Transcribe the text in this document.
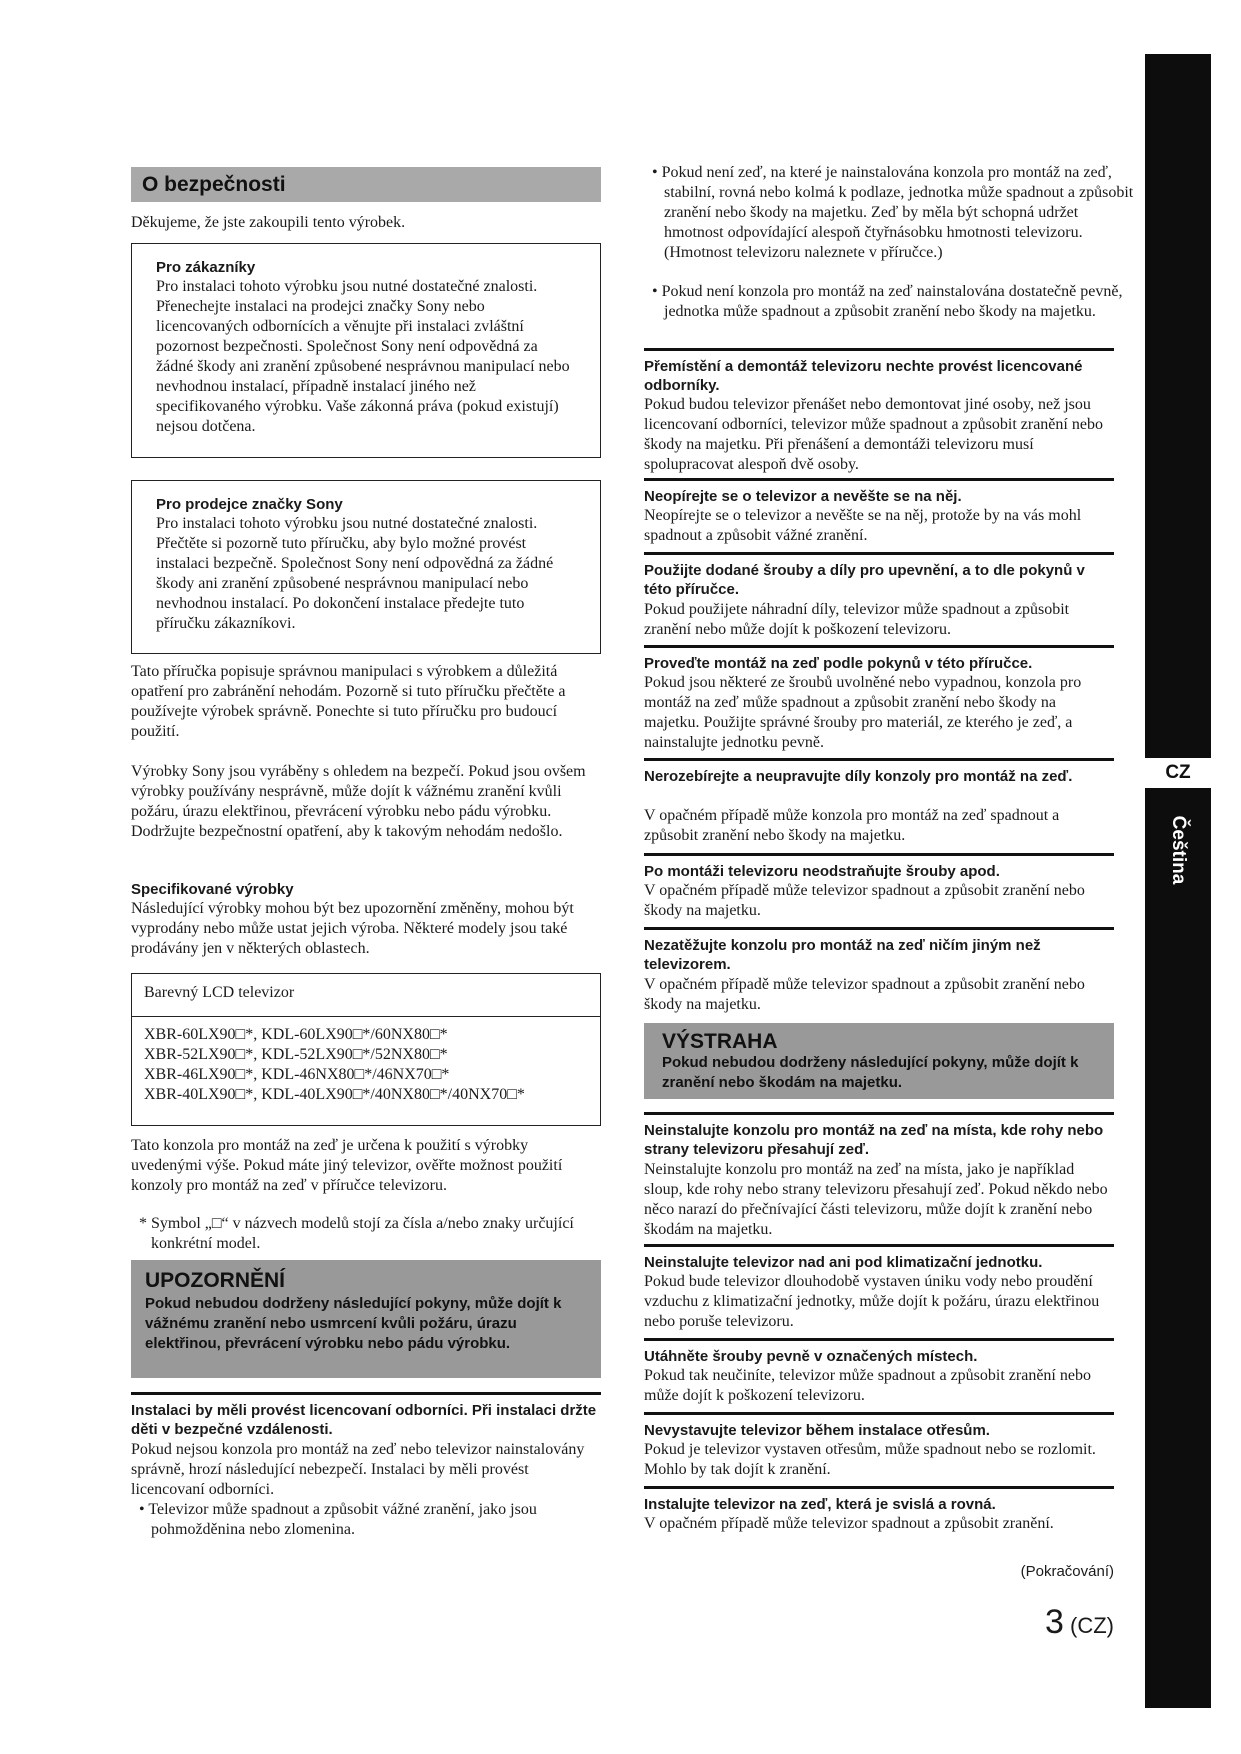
O bezpečnosti
Děkujeme, že jste zakoupili tento výrobek.
Pro zákazníky
Pro instalaci tohoto výrobku jsou nutné dostatečné znalosti. Přenechejte instalaci na prodejci značky Sony nebo licencovaných odbornících a věnujte při instalaci zvláštní pozornost bezpečnosti. Společnost Sony není odpovědná za žádné škody ani zranění způsobené nesprávnou manipulací nebo nevhodnou instalací, případně instalací jiného než specifikovaného výrobku. Vaše zákonná práva (pokud existují) nejsou dotčena.
Pro prodejce značky Sony
Pro instalaci tohoto výrobku jsou nutné dostatečné znalosti. Přečtěte si pozorně tuto příručku, aby bylo možné provést instalaci bezpečně. Společnost Sony není odpovědná za žádné škody ani zranění způsobené nesprávnou manipulací nebo nevhodnou instalací. Po dokončení instalace předejte tuto příručku zákazníkovi.
Tato příručka popisuje správnou manipulaci s výrobkem a důležitá opatření pro zabránění nehodám. Pozorně si tuto příručku přečtěte a používejte výrobek správně. Ponechte si tuto příručku pro budoucí použití.
Výrobky Sony jsou vyráběny s ohledem na bezpečí. Pokud jsou ovšem výrobky používány nesprávně, může dojít k vážnému zranění kvůli požáru, úrazu elektřinou, převrácení výrobku nebo pádu výrobku. Dodržujte bezpečnostní opatření, aby k takovým nehodám nedošlo.
Specifikované výrobky
Následující výrobky mohou být bez upozornění změněny, mohou být vyprodány nebo může ustat jejich výroba. Některé modely jsou také prodávány jen v některých oblastech.
Barevný LCD televizor
XBR-60LX90□*, KDL-60LX90□*/60NX80□*
XBR-52LX90□*, KDL-52LX90□*/52NX80□*
XBR-46LX90□*, KDL-46NX80□*/46NX70□*
XBR-40LX90□*, KDL-40LX90□*/40NX80□*/40NX70□*
Tato konzola pro montáž na zeď je určena k použití s výrobky uvedenými výše. Pokud máte jiný televizor, ověřte možnost použití konzoly pro montáž na zeď v příručce televizoru.
* Symbol „□“ v názvech modelů stojí za čísla a/nebo znaky určující konkrétní model.
UPOZORNĚNÍ
Pokud nebudou dodrženy následující pokyny, může dojít k vážnému zranění nebo usmrcení kvůli požáru, úrazu elektřinou, převrácení výrobku nebo pádu výrobku.
Instalaci by měli provést licencovaní odborníci. Při instalaci držte děti v bezpečné vzdálenosti.
Pokud nejsou konzola pro montáž na zeď nebo televizor nainstalovány správně, hrozí následující nebezpečí. Instalaci by měli provést licencovaní odborníci.
• Televizor může spadnout a způsobit vážné zranění, jako jsou pohmožděnina nebo zlomenina.
• Pokud není zeď, na které je nainstalována konzola pro montáž na zeď, stabilní, rovná nebo kolmá k podlaze, jednotka může spadnout a způsobit zranění nebo škody na majetku. Zeď by měla být schopná udržet hmotnost odpovídající alespoň čtyřnásobku hmotnosti televizoru. (Hmotnost televizoru naleznete v příručce.)
• Pokud není konzola pro montáž na zeď nainstalována dostatečně pevně, jednotka může spadnout a způsobit zranění nebo škody na majetku.
Přemístění a demontáž televizoru nechte provést licencované odborníky.
Pokud budou televizor přenášet nebo demontovat jiné osoby, než jsou licencovaní odborníci, televizor může spadnout a způsobit zranění nebo škody na majetku. Při přenášení a demontáži televizoru musí spolupracovat alespoň dvě osoby.
Neopírejte se o televizor a nevěšte se na něj.
Neopírejte se o televizor a nevěšte se na něj, protože by na vás mohl spadnout a způsobit vážné zranění.
Použijte dodané šrouby a díly pro upevnění, a to dle pokynů v této příručce.
Pokud použijete náhradní díly, televizor může spadnout a způsobit zranění nebo může dojít k poškození televizoru.
Proveďte montáž na zeď podle pokynů v této příručce.
Pokud jsou některé ze šroubů uvolněné nebo vypadnou, konzola pro montáž na zeď může spadnout a způsobit zranění nebo škody na majetku. Použijte správné šrouby pro materiál, ze kterého je zeď, a nainstalujte jednotku pevně.
Nerozebírejte a neupravujte díly konzoly pro montáž na zeď.
V opačném případě může konzola pro montáž na zeď spadnout a způsobit zranění nebo škody na majetku.
Po montáži televizoru neodstraňujte šrouby apod.
V opačném případě může televizor spadnout a způsobit zranění nebo škody na majetku.
Nezatěžujte konzolu pro montáž na zeď ničím jiným než televizorem.
V opačném případě může televizor spadnout a způsobit zranění nebo škody na majetku.
VÝSTRAHA
Pokud nebudou dodrženy následující pokyny, může dojít k zranění nebo škodám na majetku.
Neinstalujte konzolu pro montáž na zeď na místa, kde rohy nebo strany televizoru přesahují zeď.
Neinstalujte konzolu pro montáž na zeď na místa, jako je například sloup, kde rohy nebo strany televizoru přesahují zeď. Pokud někdo nebo něco narazí do přečnívající části televizoru, může dojít k zranění nebo škodám na majetku.
Neinstalujte televizor nad ani pod klimatizační jednotku.
Pokud bude televizor dlouhodobě vystaven úniku vody nebo proudění vzduchu z klimatizační jednotky, může dojít k požáru, úrazu elektřinou nebo poruše televizoru.
Utáhněte šrouby pevně v označených místech.
Pokud tak neučiníte, televizor může spadnout a způsobit zranění nebo může dojít k poškození televizoru.
Nevystavujte televizor během instalace otřesům.
Pokud je televizor vystaven otřesům, může spadnout nebo se rozlomit. Mohlo by tak dojít k zranění.
Instalujte televizor na zeď, která je svislá a rovná.
V opačném případě může televizor spadnout a způsobit zranění.
(Pokračování)
3 (CZ)
CZ
Čeština
